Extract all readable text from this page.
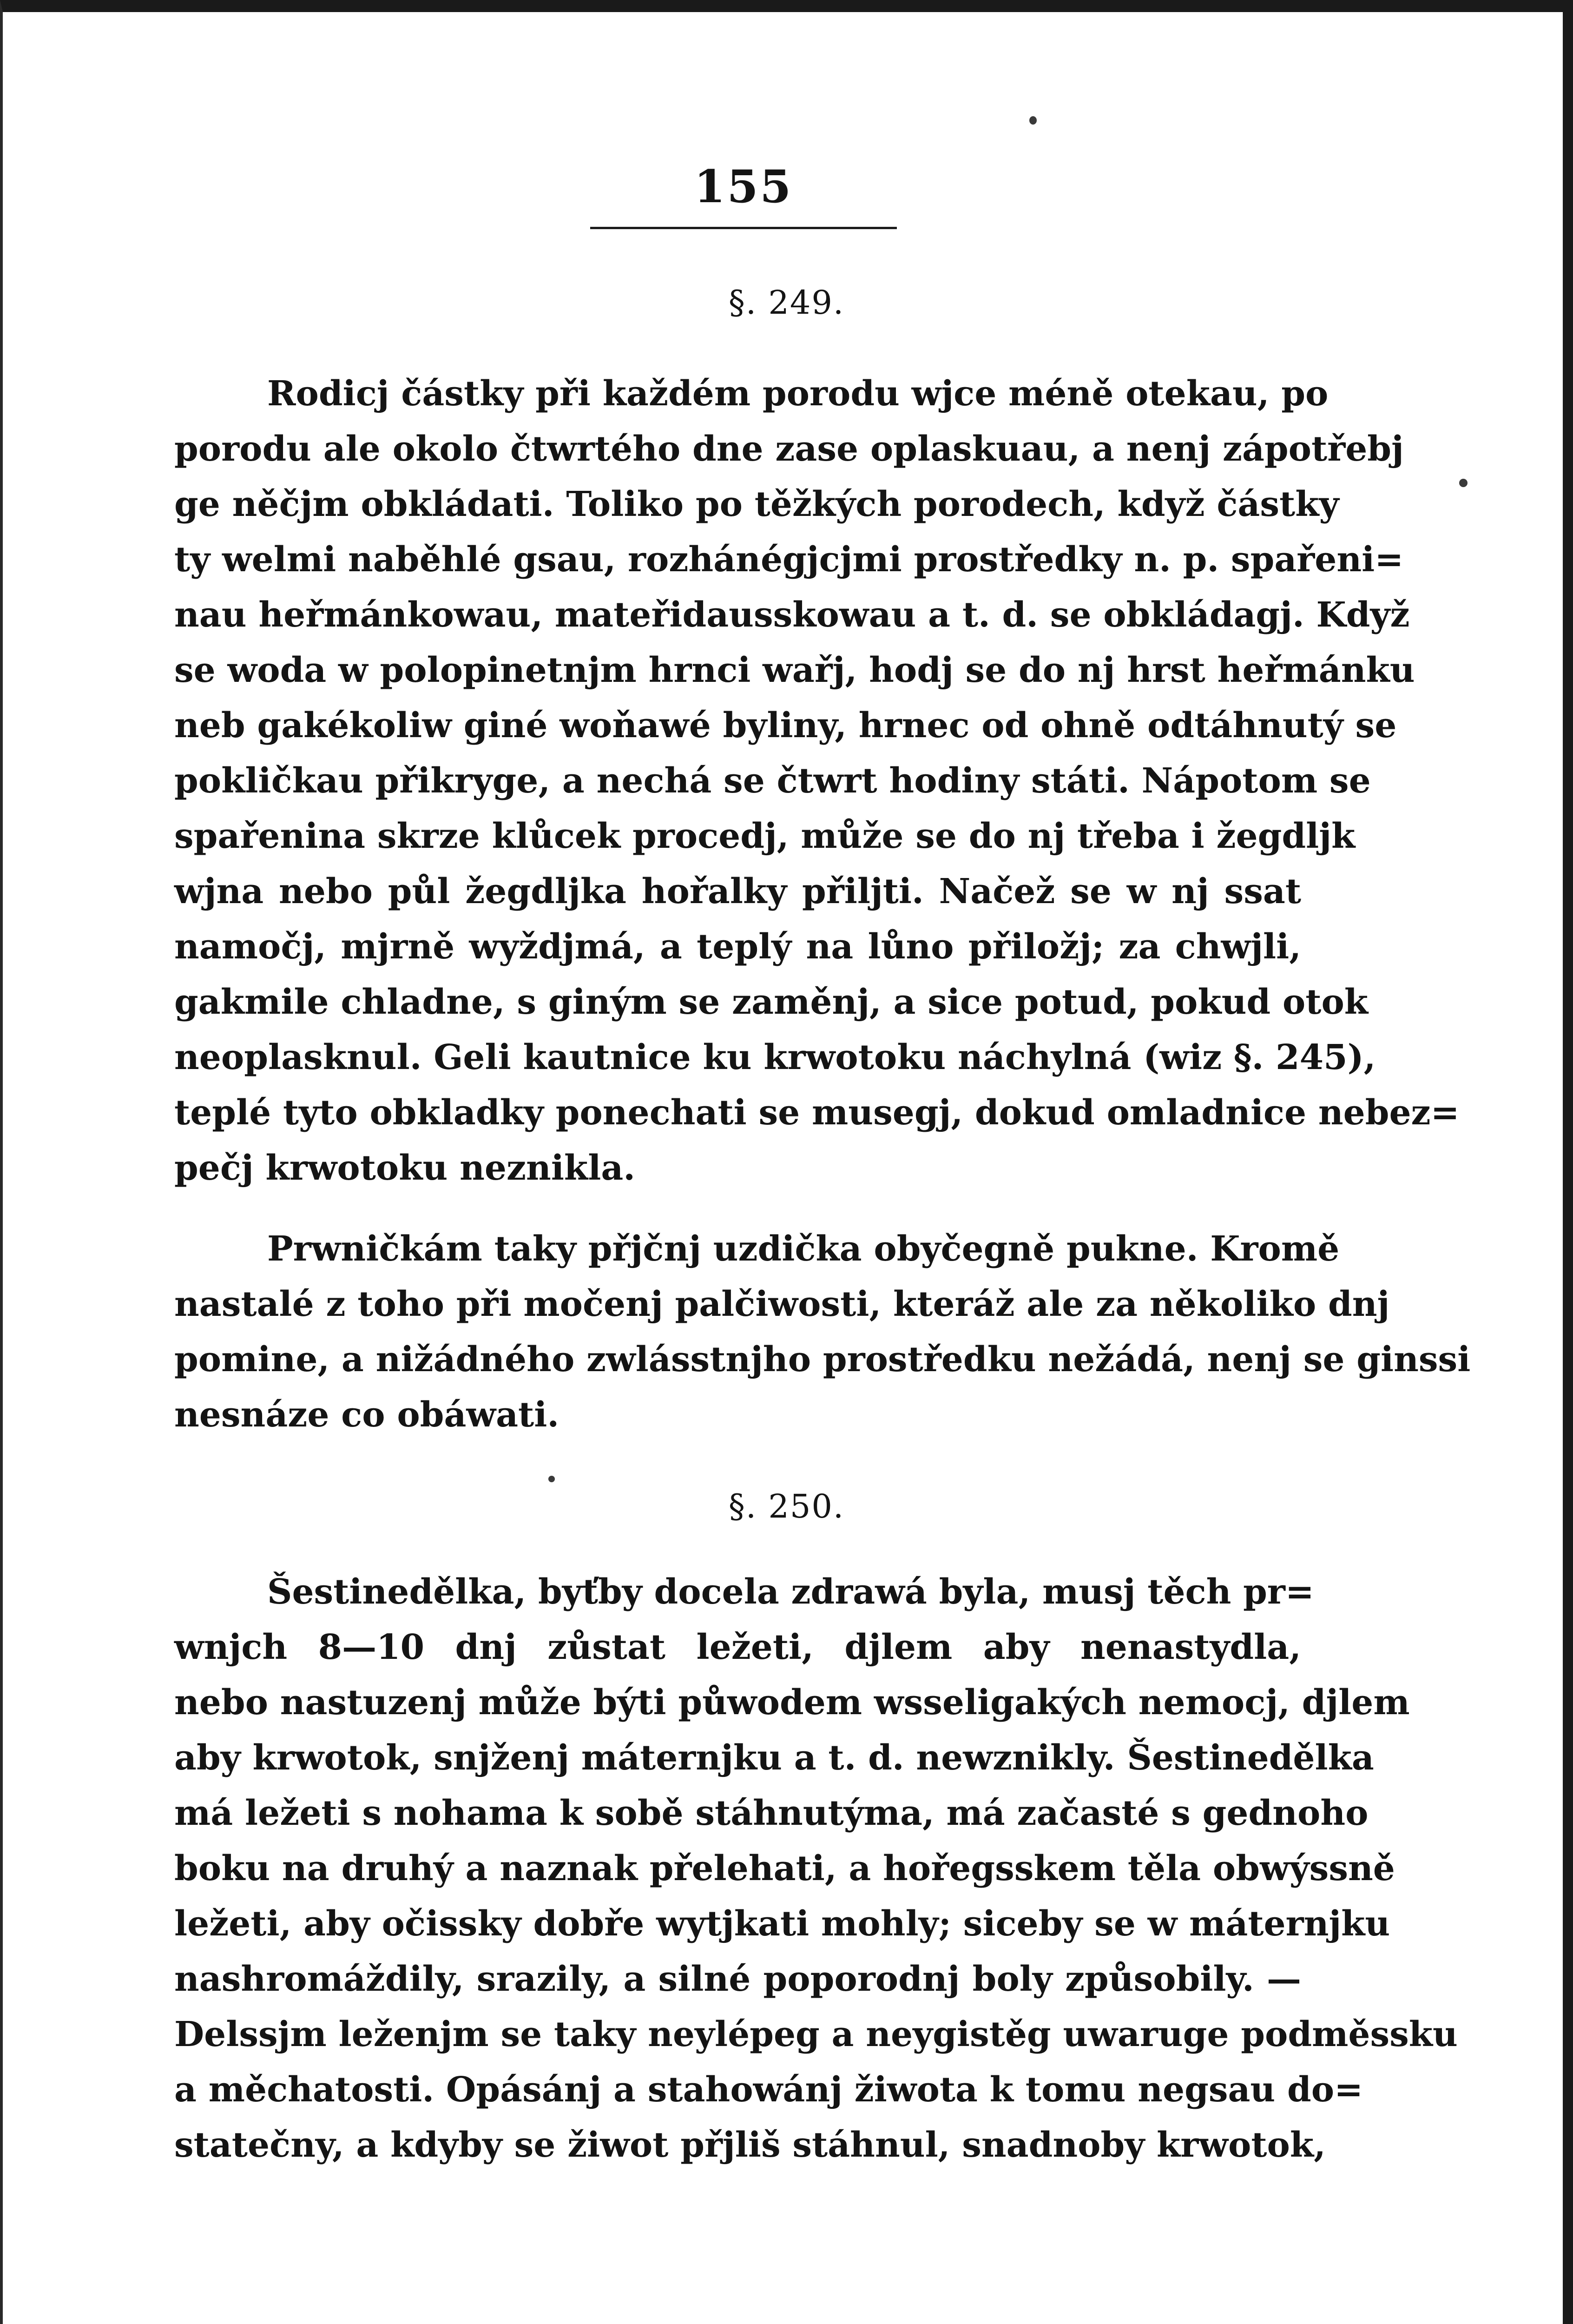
155
§. 249.
Rodicj částky při každém porodu wjce méně otekau, po
porodu ale okolo čtwrtého dne zase oplaskuau, a nenj zápotřebj
ge něčjm obkládati. Toliko po těžkých porodech, když částky
ty welmi naběhlé gsau, rozhánégjcjmi prostředky n. p. spařeni=
nau heřmánkowau, mateřidausskowau a t. d. se obkládagj. Když
se woda w polopinetnjm hrnci wařj, hodj se do nj hrst heřmánku
neb gakékoliw giné woňawé byliny, hrnec od ohně odtáhnutý se
pokličkau přikryge, a nechá se čtwrt hodiny státi. Nápotom se
spařenina skrze klůcek procedj, může se do nj třeba i žegdljk
wjna nebo půl žegdljka hořalky přiljti. Načež se w nj ssat
namočj, mjrně wyždjmá, a teplý na lůno přiložj; za chwjli,
gakmile chladne, s giným se zaměnj, a sice potud, pokud otok
neoplasknul. Geli kautnice ku krwotoku náchylná (wiz §. 245),
teplé tyto obkladky ponechati se musegj, dokud omladnice nebez=
pečj krwotoku neznikla.
Prwničkám taky přjčnj uzdička obyčegně pukne. Kromě
nastalé z toho při močenj palčiwosti, kteráž ale za několiko dnj
pomine, a nižádného zwlásstnjho prostředku nežádá, nenj se ginssi
nesnáze co obáwati.
§. 250.
Šestinedělka, byťby docela zdrawá byla, musj těch pr=
wnjch 8—10 dnj zůstat ležeti, djlem aby nenastydla,
nebo nastuzenj může býti půwodem wsseligakých nemocj, djlem
aby krwotok, snjženj máternjku a t. d. newznikly. Šestinedělka
má ležeti s nohama k sobě stáhnutýma, má začasté s gednoho
boku na druhý a naznak přelehati, a hořegsskem těla obwýssně
ležeti, aby očissky dobře wytjkati mohly; siceby se w máternjku
nashromáždily, srazily, a silné poporodnj boly způsobily. —
Delssjm leženjm se taky neylépeg a neygistěg uwaruge podměssku
a měchatosti. Opásánj a stahowánj žiwota k tomu negsau do=
statečny, a kdyby se žiwot přjliš stáhnul, snadnoby krwotok,
